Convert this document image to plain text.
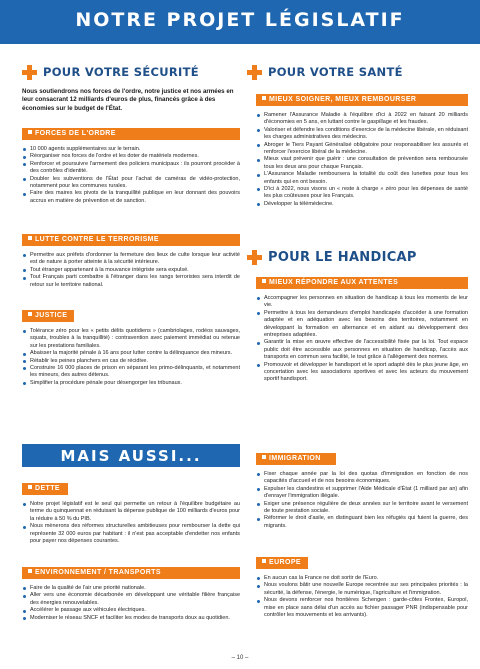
NOTRE PROJET LÉGISLATIF
POUR VOTRE SÉCURITÉ

Nous soutiendrons nos forces de l'ordre, notre justice et nos armées en leur consacrant 12 milliards d'euros de plus, financés grâce à des économies sur le budget de l'État.

FORCES DE L'ORDRE
10 000 agents supplémentaires sur le terrain.
Réorganiser nos forces de l'ordre et les doter de matériels modernes.
Renforcer et poursuivre l'armement des policiers municipaux : ils pourront procéder à des contrôles d'identité.
Doubler les subventions de l'État pour l'achat de caméras de vidéo-protection, notamment pour les communes rurales.
Faire des maires les pivots de la tranquillité publique en leur donnant des pouvoirs accrus en matière de prévention et de sanction.
LUTTE CONTRE LE TERRORISME
Permettre aux préfets d'ordonner la fermeture des lieux de culte lorsque leur activité est de nature à porter atteinte à la sécurité intérieure.
Tout étranger appartenant à la mouvance intégriste sera expulsé.
Tout Français parti combattre à l'étranger dans les rangs terroristes sera interdit de retour sur le territoire national.
JUSTICE
Tolérance zéro pour les « petits délits quotidiens » (cambriolages, rodéos sauvages, squats, troubles à la tranquillité) : contravention avec paiement immédiat ou retenue sur les prestations familiales.
Abaisser la majorité pénale à 16 ans pour lutter contre la délinquance des mineurs.
Rétablir les peines planchers en cas de récidive.
Construire 16 000 places de prison en séparant les primo-délinquants, et notamment les mineurs, des autres détenus.
Simplifier la procédure pénale pour désengorger les tribunaux.
POUR VOTRE SANTÉ
MIEUX SOIGNER, MIEUX REMBOURSER
Ramener l'Assurance Maladie à l'équilibre d'ici à 2022 en faisant 20 milliards d'économies en 5 ans, en luttant contre le gaspillage et les fraudes.
Valoriser et défendre les conditions d'exercice de la médecine libérale, en réduisant les charges administratives des médecins.
Abroger le Tiers Payant Généralisé obligatoire pour responsabiliser les assurés et renforcer l'exercice libéral de la médecine.
Mieux vaut prévenir que guérir : une consultation de prévention sera remboursée tous les deux ans pour chaque Français.
L'Assurance Maladie remboursera la totalité du coût des lunettes pour tous les enfants qui en ont besoin.
D'ici à 2022, nous visons un « reste à charge » zéro pour les dépenses de santé les plus coûteuses pour les Français.
Développer la télémédecine.
POUR LE HANDICAP
MIEUX RÉPONDRE AUX ATTENTES
Accompagner les personnes en situation de handicap à tous les moments de leur vie.
Permettre à tous les demandeurs d'emploi handicapés d'accéder à une formation adaptée et en adéquation avec les besoins des territoires, notamment en développant la formation en alternance et en aidant au développement des entreprises adaptées.
Garantir la mise en œuvre effective de l'accessibilité fixée par la loi. Tout espace public doit être accessible aux personnes en situation de handicap, l'accès aux transports en commun sera facilité, le tout grâce à l'allègement des normes.
Promouvoir et développer le handisport et le sport adapté dès le plus jeune âge, en concertation avec les associations sportives et avec les acteurs du mouvement sportif handisport.
MAIS AUSSI...
DETTE
Notre projet législatif est le seul qui permette un retour à l'équilibre budgétaire au terme du quinquennat en réduisant la dépense publique de 100 milliards d'euros pour la réduire à 50 % du PIB.
Nous mènerons des réformes structurelles ambitieuses pour rembourser la dette qui représente 32 000 euros par habitant : il n'est pas acceptable d'endetter nos enfants pour payer nos dépenses courantes.
ENVIRONNEMENT / TRANSPORTS
Faire de la qualité de l'air une priorité nationale.
Aller vers une économie décarbonée en développant une véritable filière française des énergies renouvelables.
Accélérer le passage aux véhicules électriques.
Moderniser le réseau SNCF et faciliter les modes de transports doux au quotidien.
IMMIGRATION
Fixer chaque année par la loi des quotas d'immigration en fonction de nos capacités d'accueil et de nos besoins économiques.
Expulser les clandestins et supprimer l'Aide Médicale d'État (1 milliard par an) afin d'enrayer l'immigration illégale.
Exiger une présence régulière de deux années sur le territoire avant le versement de toute prestation sociale.
Réformer le droit d'asile, en distinguant bien les réfugiés qui fuient la guerre, des migrants.
EUROPE
En aucun cas la France ne doit sortir de l'Euro.
Nous voulons bâtir une nouvelle Europe recentrée sur ses principales priorités : la sécurité, la défense, l'énergie, le numérique, l'agriculture et l'immigration.
Nous devons renforcer nos frontières Schengen : garde-côtes Frontex, Europol, mise en place sans délai d'un accès au fichier passager PNR (indispensable pour contrôler les mouvements et les arrivants).
– 10 –
